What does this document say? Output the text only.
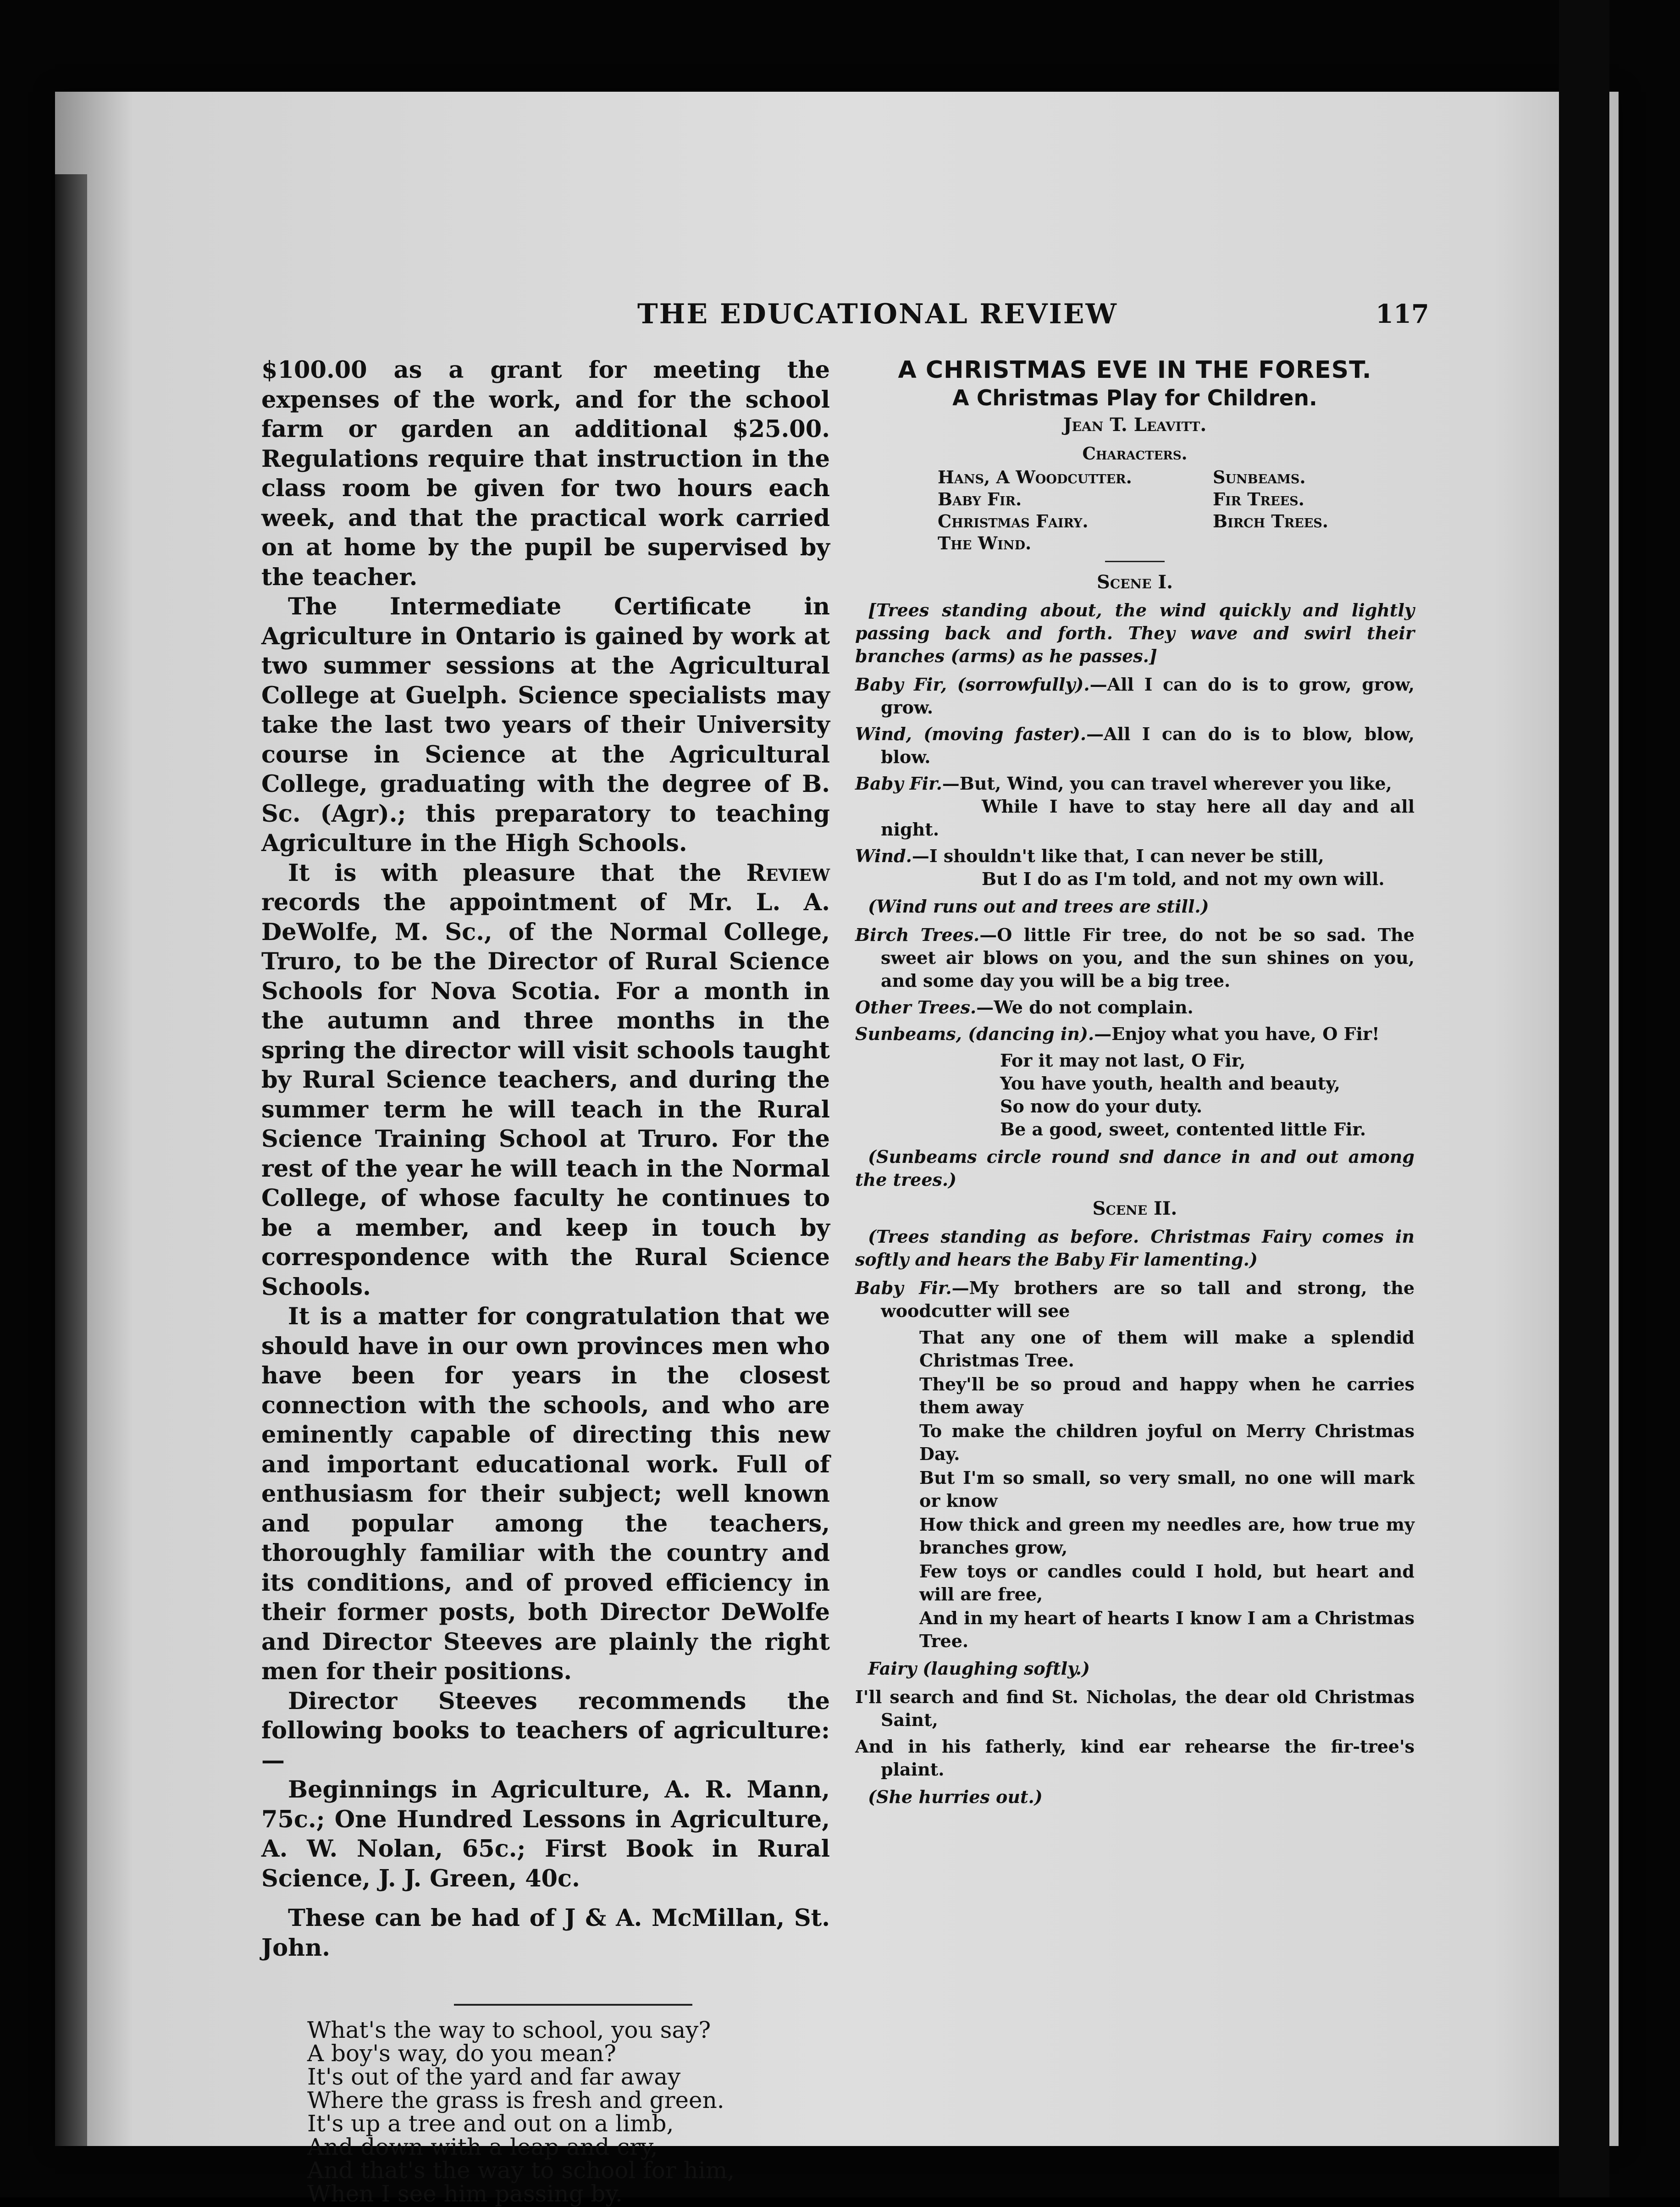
THE EDUCATIONAL REVIEW	117

$100.00 as a grant for meeting the expenses of the work, and for the school farm or garden an additional $25.00. Regulations require that instruction in the class room be given for two hours each week, and that the practical work carried on at home by the pupil be supervised by the teacher.

The Intermediate Certificate in Agriculture in Ontario is gained by work at two summer sessions at the Agricultural College at Guelph. Science specialists may take the last two years of their University course in Science at the Agricultural College, graduating with the degree of B. Sc. (Agr).; this preparatory to teaching Agriculture in the High Schools.

It is with pleasure that the Review records the appointment of Mr. L. A. DeWolfe, M. Sc., of the Normal College, Truro, to be the Director of Rural Science Schools for Nova Scotia. For a month in the autumn and three months in the spring the director will visit schools taught by Rural Science teachers, and during the summer term he will teach in the Rural Science Training School at Truro. For the rest of the year he will teach in the Normal College, of whose faculty he continues to be a member, and keep in touch by correspondence with the Rural Science Schools.

It is a matter for congratulation that we should have in our own provinces men who have been for years in the closest connection with the schools, and who are eminently capable of directing this new and important educational work. Full of enthusiasm for their subject; well known and popular among the teachers, thoroughly familiar with the country and its conditions, and of proved efficiency in their former posts, both Director DeWolfe and Director Steeves are plainly the right men for their positions.

Director Steeves recommends the following books to teachers of agriculture:—

Beginnings in Agriculture, A. R. Mann, 75c.; One Hundred Lessons in Agriculture, A. W. Nolan, 65c.; First Book in Rural Science, J. J. Green, 40c.

These can be had of J & A. McMillan, St. John.

What's the way to school, you say?
A boy's way, do you mean?
It's out of the yard and far away
Where the grass is fresh and green.
It's up a tree and out on a limb,
And down with a leap and cry,
And that's the way to school for him,
When I see him passing by.
A CHRISTMAS EVE IN THE FOREST.
A Christmas Play for Children.
Jean T. Leavitt.
Characters.
Hans, A Woodcutter.	Sunbeams.
Baby Fir.	Fir Trees.
Christmas Fairy.	Birch Trees.
The Wind.
Scene I.
[Trees standing about, the wind quickly and lightly passing back and forth. They wave and swirl their branches (arms) as he passes.]
Baby Fir, (sorrowfully).—All I can do is to grow, grow, grow.
Wind, (moving faster).—All I can do is to blow, blow, blow.
Baby Fir.—But, Wind, you can travel wherever you like,
While I have to stay here all day and all night.
Wind.—I shouldn't like that, I can never be still,
But I do as I'm told, and not my own will.
(Wind runs out and trees are still.)
Birch Trees.—O little Fir tree, do not be so sad. The sweet air blows on you, and the sun shines on you, and some day you will be a big tree.
Other Trees.—We do not complain.
Sunbeams, (dancing in).—Enjoy what you have, O Fir!
For it may not last, O Fir,
You have youth, health and beauty,
So now do your duty.
Be a good, sweet, contented little Fir.
(Sunbeams circle round snd dance in and out among the trees.)
Scene II.
(Trees standing as before. Christmas Fairy comes in softly and hears the Baby Fir lamenting.)
Baby Fir.—My brothers are so tall and strong, the woodcutter will see
That any one of them will make a splendid Christmas Tree.
They'll be so proud and happy when he carries them away
To make the children joyful on Merry Christmas Day.
But I'm so small, so very small, no one will mark or know
How thick and green my needles are, how true my branches grow,
Few toys or candles could I hold, but heart and will are free,
And in my heart of hearts I know I am a Christmas Tree.
Fairy (laughing softly.)
I'll search and find St. Nicholas, the dear old Christmas Saint,
And in his fatherly, kind ear rehearse the fir-tree's plaint.
(She hurries out.)
